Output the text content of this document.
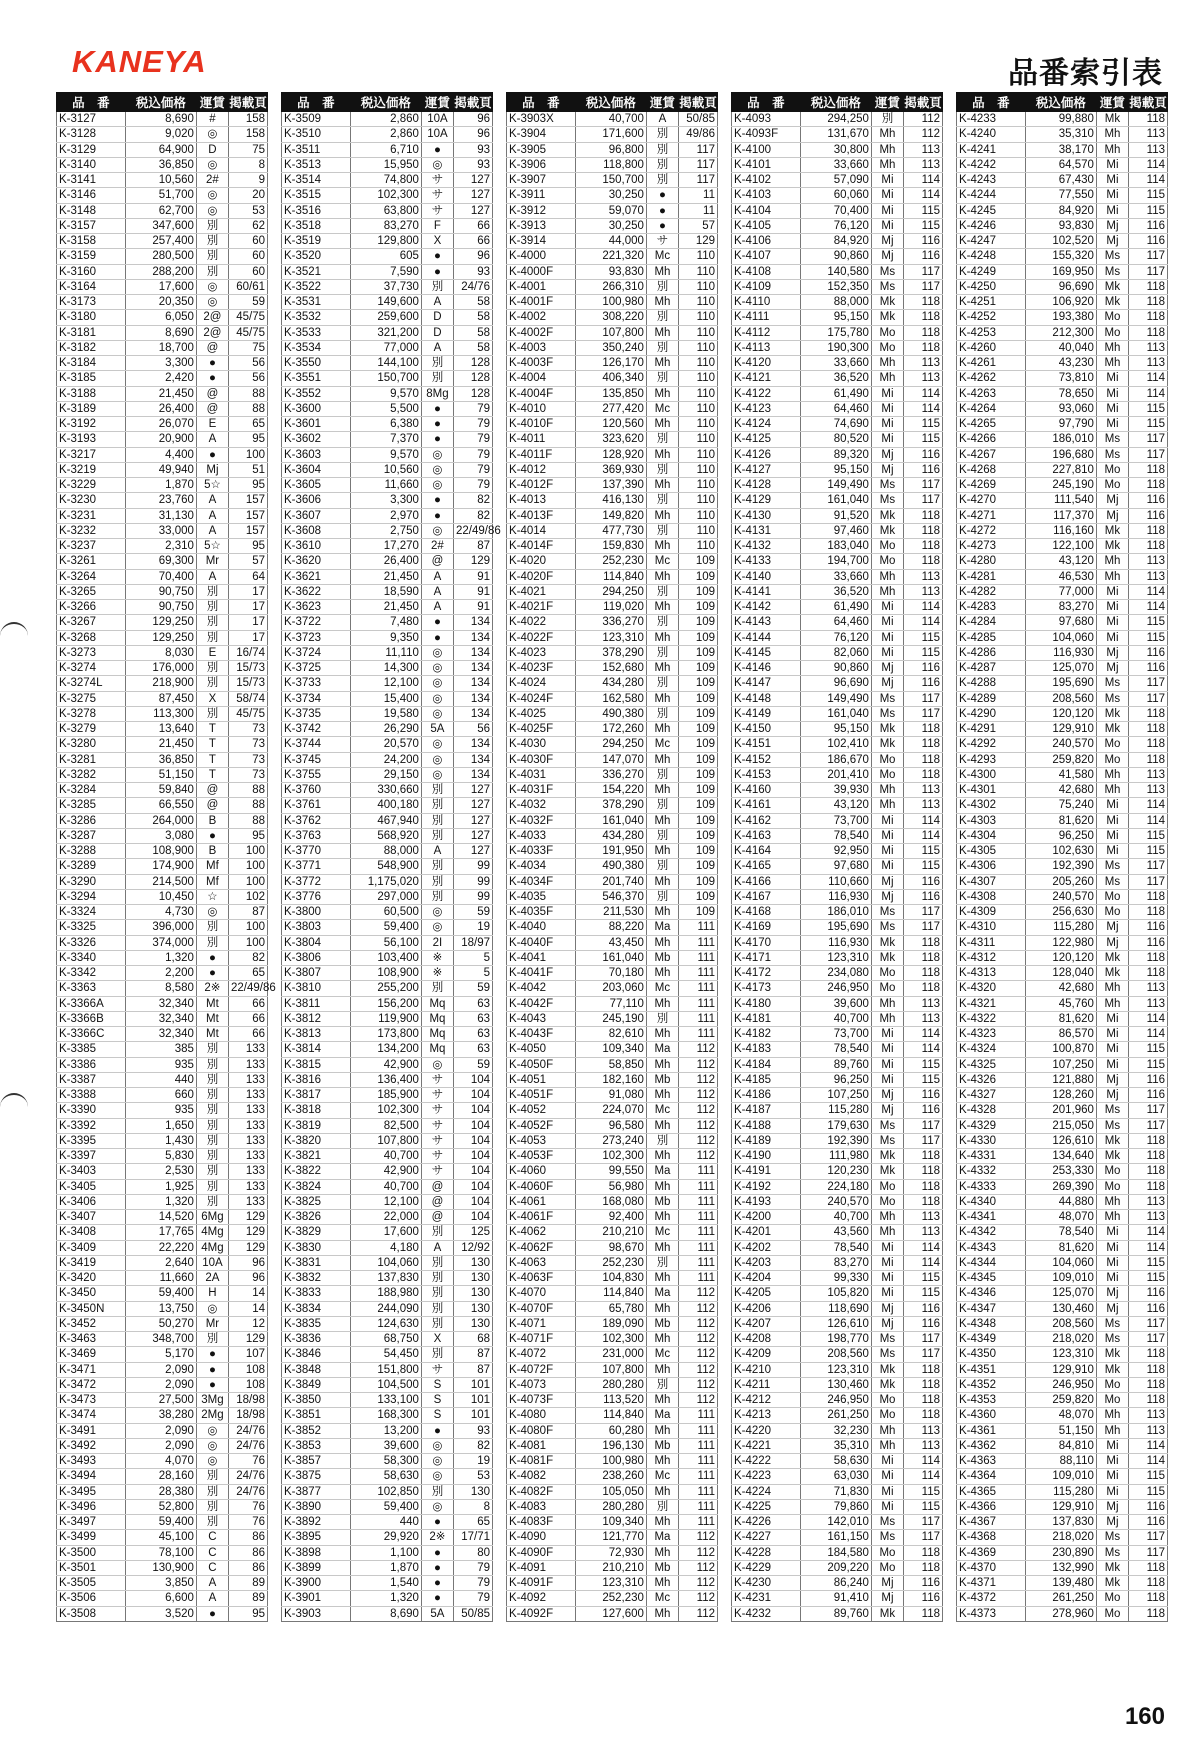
KANEYA	品番索引表
品　番	税込価格	運賃	掲載頁
K-3127	8,690	#	158
K-3128	9,020	◎	158
K-3129	64,900	D	75
K-3140	36,850	◎	8
K-3141	10,560	2#	9
K-3146	51,700	◎	20
K-3148	62,700	◎	53
K-3157	347,600	別	62
K-3158	257,400	別	60
K-3159	280,500	別	60
K-3160	288,200	別	60
K-3164	17,600	◎	60/61
K-3173	20,350	◎	59
K-3180	6,050	2@	45/75
K-3181	8,690	2@	45/75
K-3182	18,700	@	75
K-3184	3,300	●	56
K-3185	2,420	●	56
K-3188	21,450	@	88
K-3189	26,400	@	88
K-3192	26,070	E	65
K-3193	20,900	A	95
K-3217	4,400	●	100
K-3219	49,940	Mj	51
K-3229	1,870	5☆	95
K-3230	23,760	A	157
K-3231	31,130	A	157
K-3232	33,000	A	157
K-3237	2,310	5☆	95
K-3261	69,300	Mr	57
K-3264	70,400	A	64
K-3265	90,750	別	17
K-3266	90,750	別	17
K-3267	129,250	別	17
K-3268	129,250	別	17
K-3273	8,030	E	16/74
K-3274	176,000	別	15/73
K-3274L	218,900	別	15/73
K-3275	87,450	X	58/74
K-3278	113,300	別	45/75
K-3279	13,640	T	73
K-3280	21,450	T	73
K-3281	36,850	T	73
K-3282	51,150	T	73
K-3284	59,840	@	88
K-3285	66,550	@	88
K-3286	264,000	B	88
K-3287	3,080	●	95
K-3288	108,900	B	100
K-3289	174,900	Mf	100
K-3290	214,500	Mf	100
K-3294	10,450	☆	102
K-3324	4,730	◎	87
K-3325	396,000	別	100
K-3326	374,000	別	100
K-3340	1,320	●	82
K-3342	2,200	●	65
K-3363	8,580	2※	22/49/86
K-3366A	32,340	Mt	66
K-3366B	32,340	Mt	66
K-3366C	32,340	Mt	66
K-3385	385	別	133
K-3386	935	別	133
K-3387	440	別	133
K-3388	660	別	133
K-3390	935	別	133
K-3392	1,650	別	133
K-3395	1,430	別	133
K-3397	5,830	別	133
K-3403	2,530	別	133
K-3405	1,925	別	133
K-3406	1,320	別	133
K-3407	14,520	6Mg	129
K-3408	17,765	4Mg	129
K-3409	22,220	4Mg	129
K-3419	2,640	10A	96
K-3420	11,660	2A	96
K-3450	59,400	H	14
K-3450N	13,750	◎	14
K-3452	50,270	Mr	12
K-3463	348,700	別	129
K-3469	5,170	●	107
K-3471	2,090	●	108
K-3472	2,090	●	108
K-3473	27,500	3Mg	18/98
K-3474	38,280	2Mg	18/98
K-3491	2,090	◎	24/76
K-3492	2,090	◎	24/76
K-3493	4,070	◎	76
K-3494	28,160	別	24/76
K-3495	28,380	別	24/76
K-3496	52,800	別	76
K-3497	59,400	別	76
K-3499	45,100	C	86
K-3500	78,100	C	86
K-3501	130,900	C	86
K-3505	3,850	A	89
K-3506	6,600	A	89
K-3508	3,520	●	95
品　番	税込価格	運賃	掲載頁
K-3509	2,860	10A	96
K-3510	2,860	10A	96
K-3511	6,710	●	93
K-3513	15,950	◎	93
K-3514	74,800	サ	127
K-3515	102,300	サ	127
K-3516	63,800	サ	127
K-3518	83,270	F	66
K-3519	129,800	X	66
K-3520	605	●	96
K-3521	7,590	●	93
K-3522	37,730	別	24/76
K-3531	149,600	A	58
K-3532	259,600	D	58
K-3533	321,200	D	58
K-3534	77,000	A	58
K-3550	144,100	別	128
K-3551	150,700	別	128
K-3552	9,570	8Mg	128
K-3600	5,500	●	79
K-3601	6,380	●	79
K-3602	7,370	●	79
K-3603	9,570	◎	79
K-3604	10,560	◎	79
K-3605	11,660	◎	79
K-3606	3,300	●	82
K-3607	2,970	●	82
K-3608	2,750	◎	22/49/86
K-3610	17,270	2#	87
K-3620	26,400	@	129
K-3621	21,450	A	91
K-3622	18,590	A	91
K-3623	21,450	A	91
K-3722	7,480	●	134
K-3723	9,350	●	134
K-3724	11,110	◎	134
K-3725	14,300	◎	134
K-3733	12,100	◎	134
K-3734	15,400	◎	134
K-3735	19,580	◎	134
K-3742	26,290	5A	56
K-3744	20,570	◎	134
K-3745	24,200	◎	134
K-3755	29,150	◎	134
K-3760	330,660	別	127
K-3761	400,180	別	127
K-3762	467,940	別	127
K-3763	568,920	別	127
K-3770	88,000	A	127
K-3771	548,900	別	99
K-3772	1,175,020	別	99
K-3776	297,000	別	99
K-3800	60,500	◎	59
K-3803	59,400	◎	19
K-3804	56,100	2I	18/97
K-3806	103,400	※	5
K-3807	108,900	※	5
K-3810	255,200	別	59
K-3811	156,200	Mq	63
K-3812	119,900	Mq	63
K-3813	173,800	Mq	63
K-3814	134,200	Mq	63
K-3815	42,900	◎	59
K-3816	136,400	サ	104
K-3817	185,900	サ	104
K-3818	102,300	サ	104
K-3819	82,500	サ	104
K-3820	107,800	サ	104
K-3821	40,700	サ	104
K-3822	42,900	サ	104
K-3824	40,700	@	104
K-3825	12,100	@	104
K-3826	22,000	@	104
K-3829	17,600	別	125
K-3830	4,180	A	12/92
K-3831	104,060	別	130
K-3832	137,830	別	130
K-3833	188,980	別	130
K-3834	244,090	別	130
K-3835	124,630	別	130
K-3836	68,750	X	68
K-3846	54,450	別	87
K-3848	151,800	サ	87
K-3849	104,500	S	101
K-3850	133,100	S	101
K-3851	168,300	S	101
K-3852	13,200	●	93
K-3853	39,600	◎	82
K-3857	58,300	◎	19
K-3875	58,630	◎	53
K-3877	102,850	別	130
K-3890	59,400	◎	8
K-3892	440	●	65
K-3895	29,920	2※	17/71
K-3898	1,100	●	80
K-3899	1,870	●	79
K-3900	1,540	●	79
K-3901	1,320	●	79
K-3903	8,690	5A	50/85
品　番	税込価格	運賃	掲載頁
K-3903X	40,700	A	50/85
K-3904	171,600	別	49/86
K-3905	96,800	別	117
K-3906	118,800	別	117
K-3907	150,700	別	117
K-3911	30,250	●	11
K-3912	59,070	●	11
K-3913	30,250	●	57
K-3914	44,000	サ	129
K-4000	221,320	Mc	110
K-4000F	93,830	Mh	110
K-4001	266,310	別	110
K-4001F	100,980	Mh	110
K-4002	308,220	別	110
K-4002F	107,800	Mh	110
K-4003	350,240	別	110
K-4003F	126,170	Mh	110
K-4004	406,340	別	110
K-4004F	135,850	Mh	110
K-4010	277,420	Mc	110
K-4010F	120,560	Mh	110
K-4011	323,620	別	110
K-4011F	128,920	Mh	110
K-4012	369,930	別	110
K-4012F	137,390	Mh	110
K-4013	416,130	別	110
K-4013F	149,820	Mh	110
K-4014	477,730	別	110
K-4014F	159,830	Mh	110
K-4020	252,230	Mc	109
K-4020F	114,840	Mh	109
K-4021	294,250	別	109
K-4021F	119,020	Mh	109
K-4022	336,270	別	109
K-4022F	123,310	Mh	109
K-4023	378,290	別	109
K-4023F	152,680	Mh	109
K-4024	434,280	別	109
K-4024F	162,580	Mh	109
K-4025	490,380	別	109
K-4025F	172,260	Mh	109
K-4030	294,250	Mc	109
K-4030F	147,070	Mh	109
K-4031	336,270	別	109
K-4031F	154,220	Mh	109
K-4032	378,290	別	109
K-4032F	161,040	Mh	109
K-4033	434,280	別	109
K-4033F	191,950	Mh	109
K-4034	490,380	別	109
K-4034F	201,740	Mh	109
K-4035	546,370	別	109
K-4035F	211,530	Mh	109
K-4040	88,220	Ma	111
K-4040F	43,450	Mh	111
K-4041	161,040	Mb	111
K-4041F	70,180	Mh	111
K-4042	203,060	Mc	111
K-4042F	77,110	Mh	111
K-4043	245,190	別	111
K-4043F	82,610	Mh	111
K-4050	109,340	Ma	112
K-4050F	58,850	Mh	112
K-4051	182,160	Mb	112
K-4051F	91,080	Mh	112
K-4052	224,070	Mc	112
K-4052F	96,580	Mh	112
K-4053	273,240	別	112
K-4053F	102,300	Mh	112
K-4060	99,550	Ma	111
K-4060F	56,980	Mh	111
K-4061	168,080	Mb	111
K-4061F	92,400	Mh	111
K-4062	210,210	Mc	111
K-4062F	98,670	Mh	111
K-4063	252,230	別	111
K-4063F	104,830	Mh	111
K-4070	114,840	Ma	112
K-4070F	65,780	Mh	112
K-4071	189,090	Mb	112
K-4071F	102,300	Mh	112
K-4072	231,000	Mc	112
K-4072F	107,800	Mh	112
K-4073	280,280	別	112
K-4073F	113,520	Mh	112
K-4080	114,840	Ma	111
K-4080F	60,280	Mh	111
K-4081	196,130	Mb	111
K-4081F	100,980	Mh	111
K-4082	238,260	Mc	111
K-4082F	105,050	Mh	111
K-4083	280,280	別	111
K-4083F	109,340	Mh	111
K-4090	121,770	Ma	112
K-4090F	72,930	Mh	112
K-4091	210,210	Mb	112
K-4091F	123,310	Mh	112
K-4092	252,230	Mc	112
K-4092F	127,600	Mh	112
品　番	税込価格	運賃	掲載頁
K-4093	294,250	別	112
K-4093F	131,670	Mh	112
K-4100	30,800	Mh	113
K-4101	33,660	Mh	113
K-4102	57,090	Mi	114
K-4103	60,060	Mi	114
K-4104	70,400	Mi	115
K-4105	76,120	Mi	115
K-4106	84,920	Mj	116
K-4107	90,860	Mj	116
K-4108	140,580	Ms	117
K-4109	152,350	Ms	117
K-4110	88,000	Mk	118
K-4111	95,150	Mk	118
K-4112	175,780	Mo	118
K-4113	190,300	Mo	118
K-4120	33,660	Mh	113
K-4121	36,520	Mh	113
K-4122	61,490	Mi	114
K-4123	64,460	Mi	114
K-4124	74,690	Mi	115
K-4125	80,520	Mi	115
K-4126	89,320	Mj	116
K-4127	95,150	Mj	116
K-4128	149,490	Ms	117
K-4129	161,040	Ms	117
K-4130	91,520	Mk	118
K-4131	97,460	Mk	118
K-4132	183,040	Mo	118
K-4133	194,700	Mo	118
K-4140	33,660	Mh	113
K-4141	36,520	Mh	113
K-4142	61,490	Mi	114
K-4143	64,460	Mi	114
K-4144	76,120	Mi	115
K-4145	82,060	Mi	115
K-4146	90,860	Mj	116
K-4147	96,690	Mj	116
K-4148	149,490	Ms	117
K-4149	161,040	Ms	117
K-4150	95,150	Mk	118
K-4151	102,410	Mk	118
K-4152	186,670	Mo	118
K-4153	201,410	Mo	118
K-4160	39,930	Mh	113
K-4161	43,120	Mh	113
K-4162	73,700	Mi	114
K-4163	78,540	Mi	114
K-4164	92,950	Mi	115
K-4165	97,680	Mi	115
K-4166	110,660	Mj	116
K-4167	116,930	Mj	116
K-4168	186,010	Ms	117
K-4169	195,690	Ms	117
K-4170	116,930	Mk	118
K-4171	123,310	Mk	118
K-4172	234,080	Mo	118
K-4173	246,950	Mo	118
K-4180	39,600	Mh	113
K-4181	40,700	Mh	113
K-4182	73,700	Mi	114
K-4183	78,540	Mi	114
K-4184	89,760	Mi	115
K-4185	96,250	Mi	115
K-4186	107,250	Mj	116
K-4187	115,280	Mj	116
K-4188	179,630	Ms	117
K-4189	192,390	Ms	117
K-4190	111,980	Mk	118
K-4191	120,230	Mk	118
K-4192	224,180	Mo	118
K-4193	240,570	Mo	118
K-4200	40,700	Mh	113
K-4201	43,560	Mh	113
K-4202	78,540	Mi	114
K-4203	83,270	Mi	114
K-4204	99,330	Mi	115
K-4205	105,820	Mi	115
K-4206	118,690	Mj	116
K-4207	126,610	Mj	116
K-4208	198,770	Ms	117
K-4209	208,560	Ms	117
K-4210	123,310	Mk	118
K-4211	130,460	Mk	118
K-4212	246,950	Mo	118
K-4213	261,250	Mo	118
K-4220	32,230	Mh	113
K-4221	35,310	Mh	113
K-4222	58,630	Mi	114
K-4223	63,030	Mi	114
K-4224	71,830	Mi	115
K-4225	79,860	Mi	115
K-4226	142,010	Ms	117
K-4227	161,150	Ms	117
K-4228	184,580	Mo	118
K-4229	209,220	Mo	118
K-4230	86,240	Mj	116
K-4231	91,410	Mj	116
K-4232	89,760	Mk	118
品　番	税込価格	運賃	掲載頁
K-4233	99,880	Mk	118
K-4240	35,310	Mh	113
K-4241	38,170	Mh	113
K-4242	64,570	Mi	114
K-4243	67,430	Mi	114
K-4244	77,550	Mi	115
K-4245	84,920	Mi	115
K-4246	93,830	Mj	116
K-4247	102,520	Mj	116
K-4248	155,320	Ms	117
K-4249	169,950	Ms	117
K-4250	96,690	Mk	118
K-4251	106,920	Mk	118
K-4252	193,380	Mo	118
K-4253	212,300	Mo	118
K-4260	40,040	Mh	113
K-4261	43,230	Mh	113
K-4262	73,810	Mi	114
K-4263	78,650	Mi	114
K-4264	93,060	Mi	115
K-4265	97,790	Mi	115
K-4266	186,010	Ms	117
K-4267	196,680	Ms	117
K-4268	227,810	Mo	118
K-4269	245,190	Mo	118
K-4270	111,540	Mj	116
K-4271	117,370	Mj	116
K-4272	116,160	Mk	118
K-4273	122,100	Mk	118
K-4280	43,120	Mh	113
K-4281	46,530	Mh	113
K-4282	77,000	Mi	114
K-4283	83,270	Mi	114
K-4284	97,680	Mi	115
K-4285	104,060	Mi	115
K-4286	116,930	Mj	116
K-4287	125,070	Mj	116
K-4288	195,690	Ms	117
K-4289	208,560	Ms	117
K-4290	120,120	Mk	118
K-4291	129,910	Mk	118
K-4292	240,570	Mo	118
K-4293	259,820	Mo	118
K-4300	41,580	Mh	113
K-4301	42,680	Mh	113
K-4302	75,240	Mi	114
K-4303	81,620	Mi	114
K-4304	96,250	Mi	115
K-4305	102,630	Mi	115
K-4306	192,390	Ms	117
K-4307	205,260	Ms	117
K-4308	240,570	Mo	118
K-4309	256,630	Mo	118
K-4310	115,280	Mj	116
K-4311	122,980	Mj	116
K-4312	120,120	Mk	118
K-4313	128,040	Mk	118
K-4320	42,680	Mh	113
K-4321	45,760	Mh	113
K-4322	81,620	Mi	114
K-4323	86,570	Mi	114
K-4324	100,870	Mi	115
K-4325	107,250	Mi	115
K-4326	121,880	Mj	116
K-4327	128,260	Mj	116
K-4328	201,960	Ms	117
K-4329	215,050	Ms	117
K-4330	126,610	Mk	118
K-4331	134,640	Mk	118
K-4332	253,330	Mo	118
K-4333	269,390	Mo	118
K-4340	44,880	Mh	113
K-4341	48,070	Mh	113
K-4342	78,540	Mi	114
K-4343	81,620	Mi	114
K-4344	104,060	Mi	115
K-4345	109,010	Mi	115
K-4346	125,070	Mj	116
K-4347	130,460	Mj	116
K-4348	208,560	Ms	117
K-4349	218,020	Ms	117
K-4350	123,310	Mk	118
K-4351	129,910	Mk	118
K-4352	246,950	Mo	118
K-4353	259,820	Mo	118
K-4360	48,070	Mh	113
K-4361	51,150	Mh	113
K-4362	84,810	Mi	114
K-4363	88,110	Mi	114
K-4364	109,010	Mi	115
K-4365	115,280	Mi	115
K-4366	129,910	Mj	116
K-4367	137,830	Mj	116
K-4368	218,020	Ms	117
K-4369	230,890	Ms	117
K-4370	132,990	Mk	118
K-4371	139,480	Mk	118
K-4372	261,250	Mo	118
K-4373	278,960	Mo	118
160
